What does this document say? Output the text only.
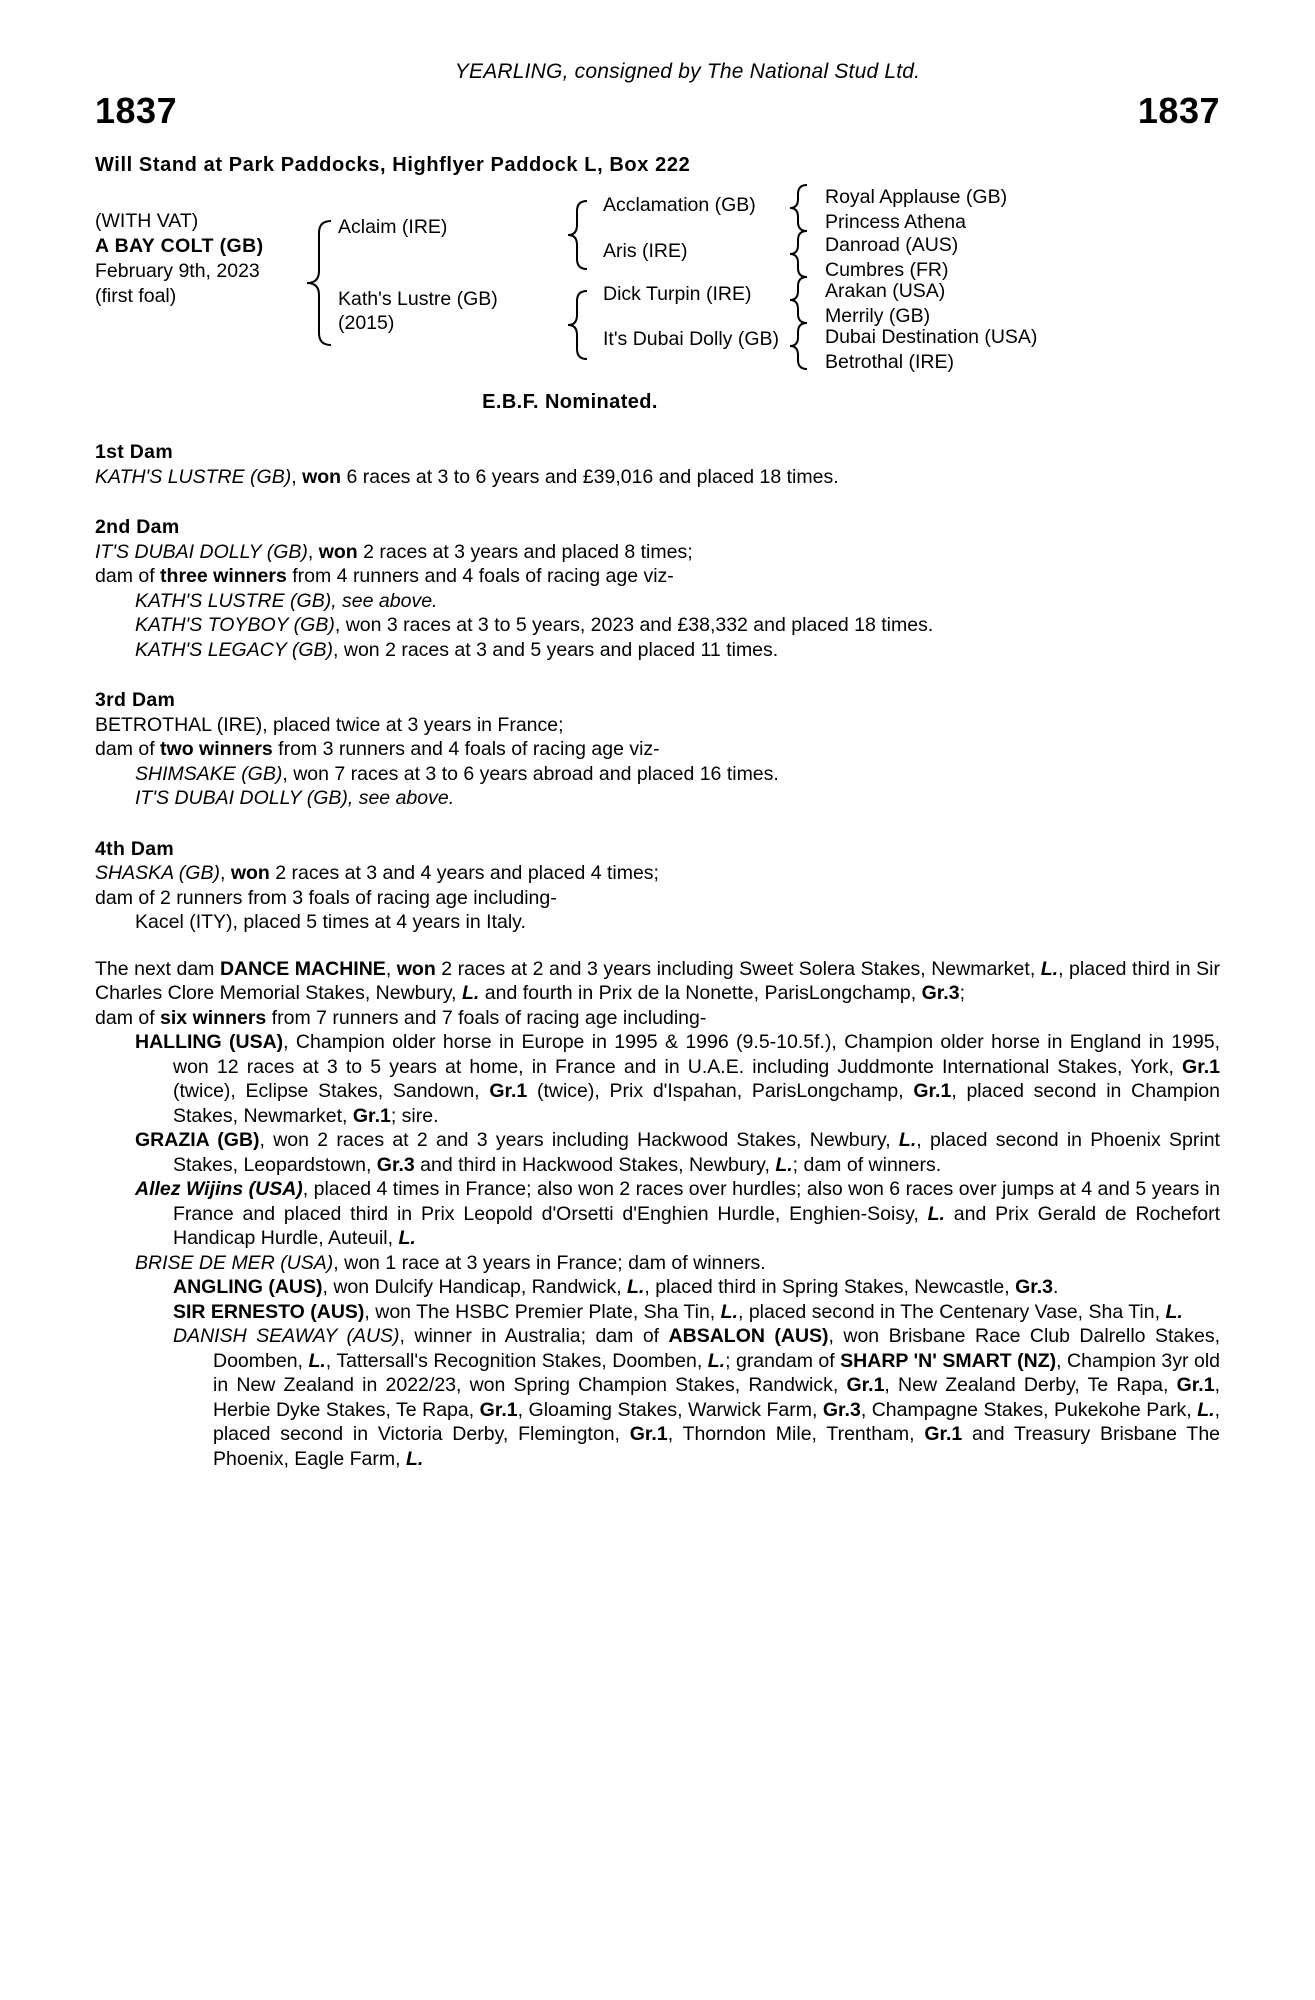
YEARLING, consigned by The National Stud Ltd.
1837	1837
Will Stand at Park Paddocks, Highflyer Paddock L, Box 222
(WITH VAT)
A BAY COLT (GB)
February 9th, 2023
(first foal)
Aclaim (IRE)
Kath's Lustre (GB)
(2015)
Acclamation (GB)
Aris (IRE)
Dick Turpin (IRE)
It's Dubai Dolly (GB)
Royal Applause (GB)
Princess Athena
Danroad (AUS)
Cumbres (FR)
Arakan (USA)
Merrily (GB)
Dubai Destination (USA)
Betrothal (IRE)
E.B.F. Nominated.

1st Dam

KATH'S LUSTRE (GB), won 6 races at 3 to 6 years and £39,016 and placed 18 times.

2nd Dam

IT'S DUBAI DOLLY (GB), won 2 races at 3 years and placed 8 times;

dam of three winners from 4 runners and 4 foals of racing age viz-

KATH'S LUSTRE (GB), see above.

KATH'S TOYBOY (GB), won 3 races at 3 to 5 years, 2023 and £38,332 and placed 18 times.

KATH'S LEGACY (GB), won 2 races at 3 and 5 years and placed 11 times.

3rd Dam

BETROTHAL (IRE), placed twice at 3 years in France;

dam of two winners from 3 runners and 4 foals of racing age viz-

SHIMSAKE (GB), won 7 races at 3 to 6 years abroad and placed 16 times.

IT'S DUBAI DOLLY (GB), see above.

4th Dam

SHASKA (GB), won 2 races at 3 and 4 years and placed 4 times;

dam of 2 runners from 3 foals of racing age including-

Kacel (ITY), placed 5 times at 4 years in Italy.

The next dam DANCE MACHINE, won 2 races at 2 and 3 years including Sweet Solera Stakes, Newmarket, L., placed third in Sir Charles Clore Memorial Stakes, Newbury, L. and fourth in Prix de la Nonette, ParisLongchamp, Gr.3;
dam of six winners from 7 runners and 7 foals of racing age including-
HALLING (USA), Champion older horse in Europe in 1995 & 1996 (9.5-10.5f.), Champion older horse in England in 1995, won 12 races at 3 to 5 years at home, in France and in U.A.E. including Juddmonte International Stakes, York, Gr.1 (twice), Eclipse Stakes, Sandown, Gr.1 (twice), Prix d'Ispahan, ParisLongchamp, Gr.1, placed second in Champion Stakes, Newmarket, Gr.1; sire.
GRAZIA (GB), won 2 races at 2 and 3 years including Hackwood Stakes, Newbury, L., placed second in Phoenix Sprint Stakes, Leopardstown, Gr.3 and third in Hackwood Stakes, Newbury, L.; dam of winners.
Allez Wijins (USA), placed 4 times in France; also won 2 races over hurdles; also won 6 races over jumps at 4 and 5 years in France and placed third in Prix Leopold d'Orsetti d'Enghien Hurdle, Enghien-Soisy, L. and Prix Gerald de Rochefort Handicap Hurdle, Auteuil, L.
BRISE DE MER (USA), won 1 race at 3 years in France; dam of winners.
ANGLING (AUS), won Dulcify Handicap, Randwick, L., placed third in Spring Stakes, Newcastle, Gr.3.
SIR ERNESTO (AUS), won The HSBC Premier Plate, Sha Tin, L., placed second in The Centenary Vase, Sha Tin, L.
DANISH SEAWAY (AUS), winner in Australia; dam of ABSALON (AUS), won Brisbane Race Club Dalrello Stakes, Doomben, L., Tattersall's Recognition Stakes, Doomben, L.; grandam of SHARP 'N' SMART (NZ), Champion 3yr old in New Zealand in 2022/23, won Spring Champion Stakes, Randwick, Gr.1, New Zealand Derby, Te Rapa, Gr.1, Herbie Dyke Stakes, Te Rapa, Gr.1, Gloaming Stakes, Warwick Farm, Gr.3, Champagne Stakes, Pukekohe Park, L., placed second in Victoria Derby, Flemington, Gr.1, Thorndon Mile, Trentham, Gr.1 and Treasury Brisbane The Phoenix, Eagle Farm, L.
